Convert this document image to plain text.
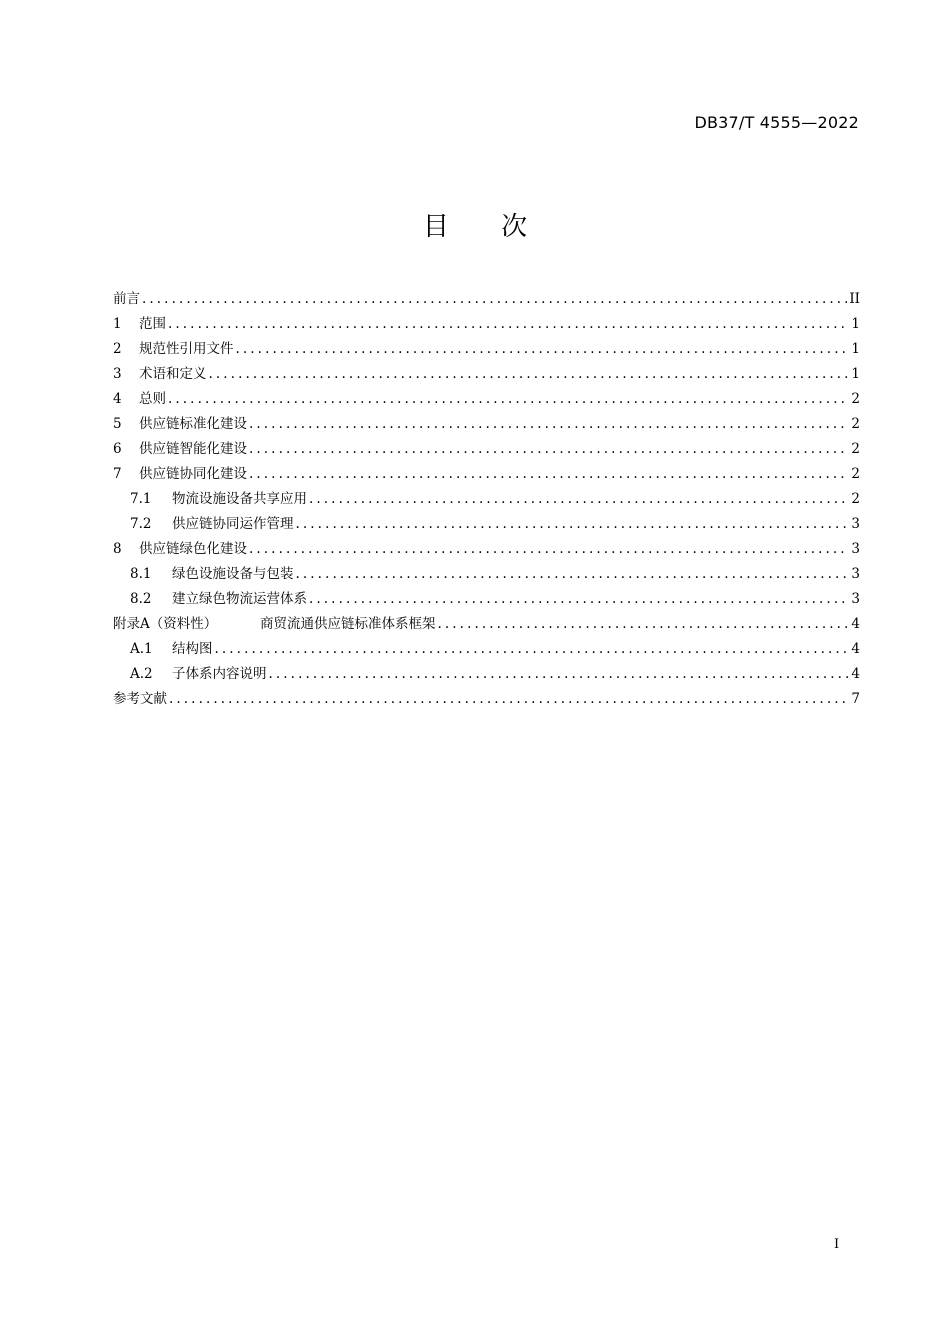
DB37/T 4555—2022
目 次
前言 .....	II
1	范围 .....	1
2	规范性引用文件 .....	1
3	术语和定义 .....	1
4	总则 .....	2
5	供应链标准化建设 .....	2
6	供应链智能化建设 .....	2
7	供应链协同化建设 .....	2
7.1	物流设施设备共享应用 .....	2
7.2	供应链协同运作管理 .....	3
8	供应链绿色化建设 .....	3
8.1	绿色设施设备与包装 .....	3
8.2	建立绿色物流运营体系 .....	3
附录A（资料性）	商贸流通供应链标准体系框架 .....	4
A.1	结构图 .....	4
A.2	子体系内容说明 .....	4
参考文献 .....	7
I
